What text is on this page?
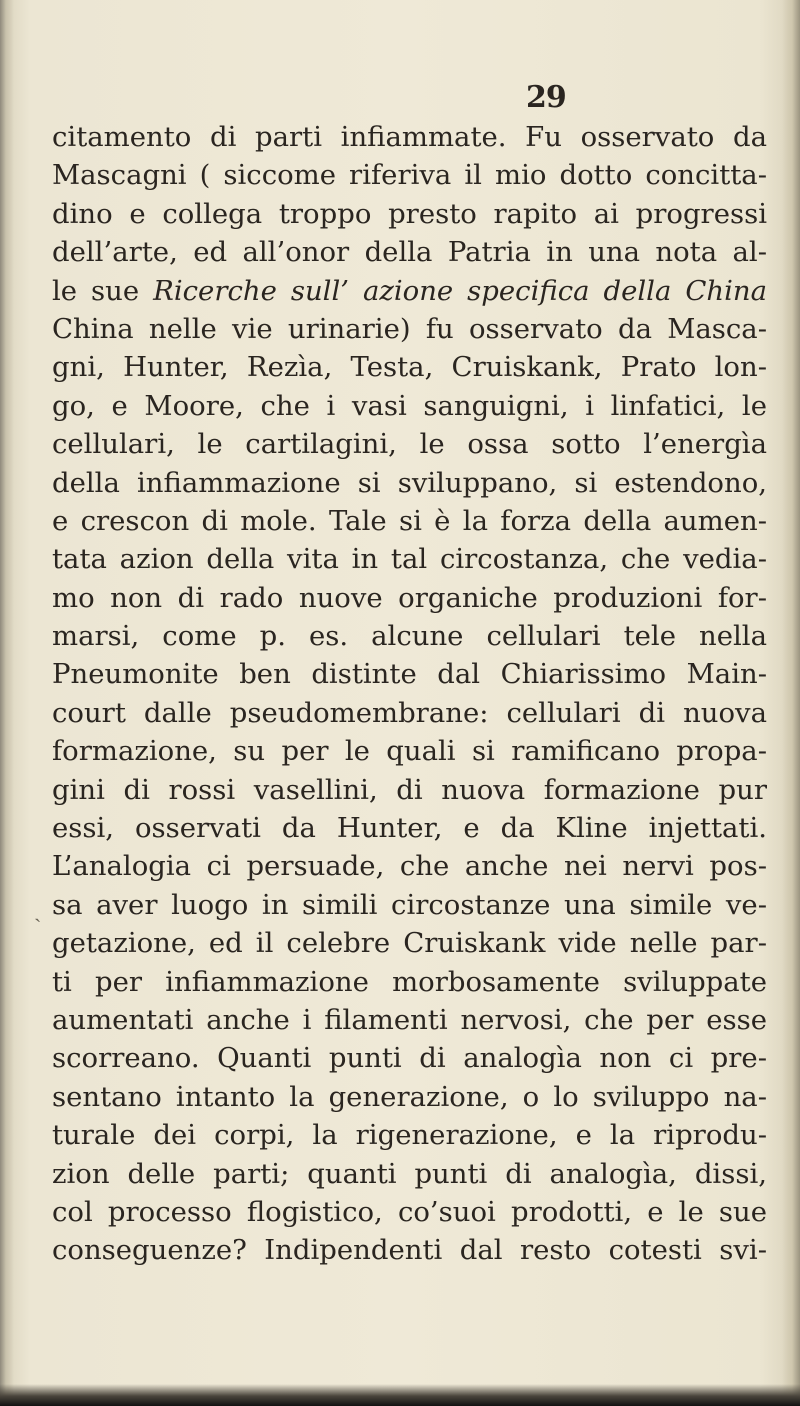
29
ˏ
citamento di parti infiammate. Fu osservato da
Mascagni ( siccome riferiva il mio dotto concitta-
dino e collega troppo presto rapito ai progressi
dell’arte, ed all’onor della Patria in una nota al-
le sue Ricerche sull’ azione specifica della China
China nelle vie urinarie) fu osservato da Masca-
gni, Hunter, Rezìa, Testa, Cruiskank, Prato lon-
go, e Moore, che i vasi sanguigni, i linfatici, le
cellulari, le cartilagini, le ossa sotto l’energìa
della infiammazione si sviluppano, si estendono,
e crescon di mole. Tale si è la forza della aumen-
tata azion della vita in tal circostanza, che vedia-
mo non di rado nuove organiche produzioni for-
marsi, come p. es. alcune cellulari tele nella
Pneumonite ben distinte dal Chiarissimo Main-
court dalle pseudomembrane: cellulari di nuova
formazione, su per le quali si ramificano propa-
gini di rossi vasellini, di nuova formazione pur
essi, osservati da Hunter, e da Kline injettati.
L’analogia ci persuade, che anche nei nervi pos-
sa aver luogo in simili circostanze una simile ve-
getazione, ed il celebre Cruiskank vide nelle par-
ti per infiammazione morbosamente sviluppate
aumentati anche i filamenti nervosi, che per esse
scorreano. Quanti punti di analogìa non ci pre-
sentano intanto la generazione, o lo sviluppo na-
turale dei corpi, la rigenerazione, e la riprodu-
zion delle parti; quanti punti di analogìa, dissi,
col processo flogistico, co’suoi prodotti, e le sue
conseguenze? Indipendenti dal resto cotesti svi-
